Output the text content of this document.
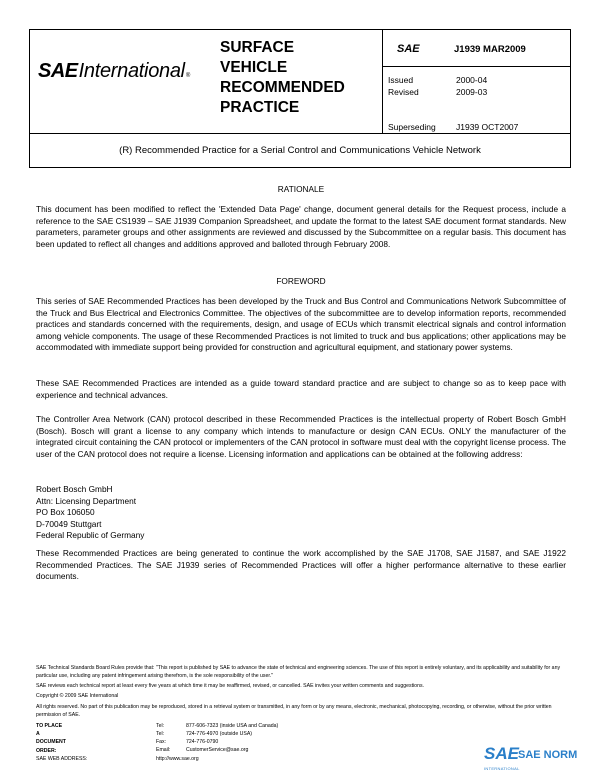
SAE International ®
SURFACE
VEHICLE
RECOMMENDED
PRACTICE
SAE	J1939 MAR2009
Issued	2000-04
Revised	2009-03
Superseding J1939 OCT2007
(R) Recommended Practice for a Serial Control and Communications Vehicle Network
RATIONALE
This document has been modified to reflect the 'Extended Data Page' change, document general details for the Request process, include a reference to the SAE CS1939 – SAE J1939 Companion Spreadsheet, and update the format to the latest SAE document format standards. New parameters, parameter groups and other assignments are reviewed and discussed by the Subcommittee on a regular basis. This document has been updated to reflect all changes and additions approved and balloted through February 2008.
FOREWORD
This series of SAE Recommended Practices has been developed by the Truck and Bus Control and Communications Network Subcommittee of the Truck and Bus Electrical and Electronics Committee. The objectives of the subcommittee are to develop information reports, recommended practices and standards concerned with the requirements, design, and usage of ECUs which transmit electrical signals and control information among vehicle components. The usage of these Recommended Practices is not limited to truck and bus applications; other applications may be accommodated with immediate support being provided for construction and agricultural equipment, and stationary power systems.
These SAE Recommended Practices are intended as a guide toward standard practice and are subject to change so as to keep pace with experience and technical advances.
The Controller Area Network (CAN) protocol described in these Recommended Practices is the intellectual property of Robert Bosch GmbH (Bosch). Bosch will grant a license to any company which intends to manufacture or design CAN ECUs. ONLY the manufacturer of the integrated circuit containing the CAN protocol or implementers of the CAN protocol in software must deal with the copyright license process. The user of the CAN protocol does not require a license. Licensing information and applications can be obtained at the following address:
Robert Bosch GmbH
Attn: Licensing Department
PO Box 106050
D-70049 Stuttgart
Federal Republic of Germany
These Recommended Practices are being generated to continue the work accomplished by the SAE J1708, SAE J1587, and SAE J1922 Recommended Practices. The SAE J1939 series of Recommended Practices will offer a higher performance alternative to these earlier documents.
SAE Technical Standards Board Rules provide that: "This report is published by SAE to advance the state of technical and engineering sciences. The use of this report is entirely voluntary, and its applicability and suitability for any particular use, including any patent infringement arising therefrom, is the sole responsibility of the user."
SAE reviews each technical report at least every five years at which time it may be reaffirmed, revised, or cancelled. SAE invites your written comments and suggestions.
Copyright © 2009 SAE International
All rights reserved. No part of this publication may be reproduced, stored in a retrieval system or transmitted, in any form or by any means, electronic, mechanical, photocopying, recording, or otherwise, without the prior written permission of SAE.
TO PLACE A DOCUMENT ORDER:
Tel:	877-606-7323 (inside USA and Canada)
Tel:	724-776-4970 (outside USA)
Fax:	724-776-0790
Email:	CustomerService@sae.org
SAE WEB ADDRESS:	http://www.sae.org	SAE
INTERNATIONAL
SAE NORM
